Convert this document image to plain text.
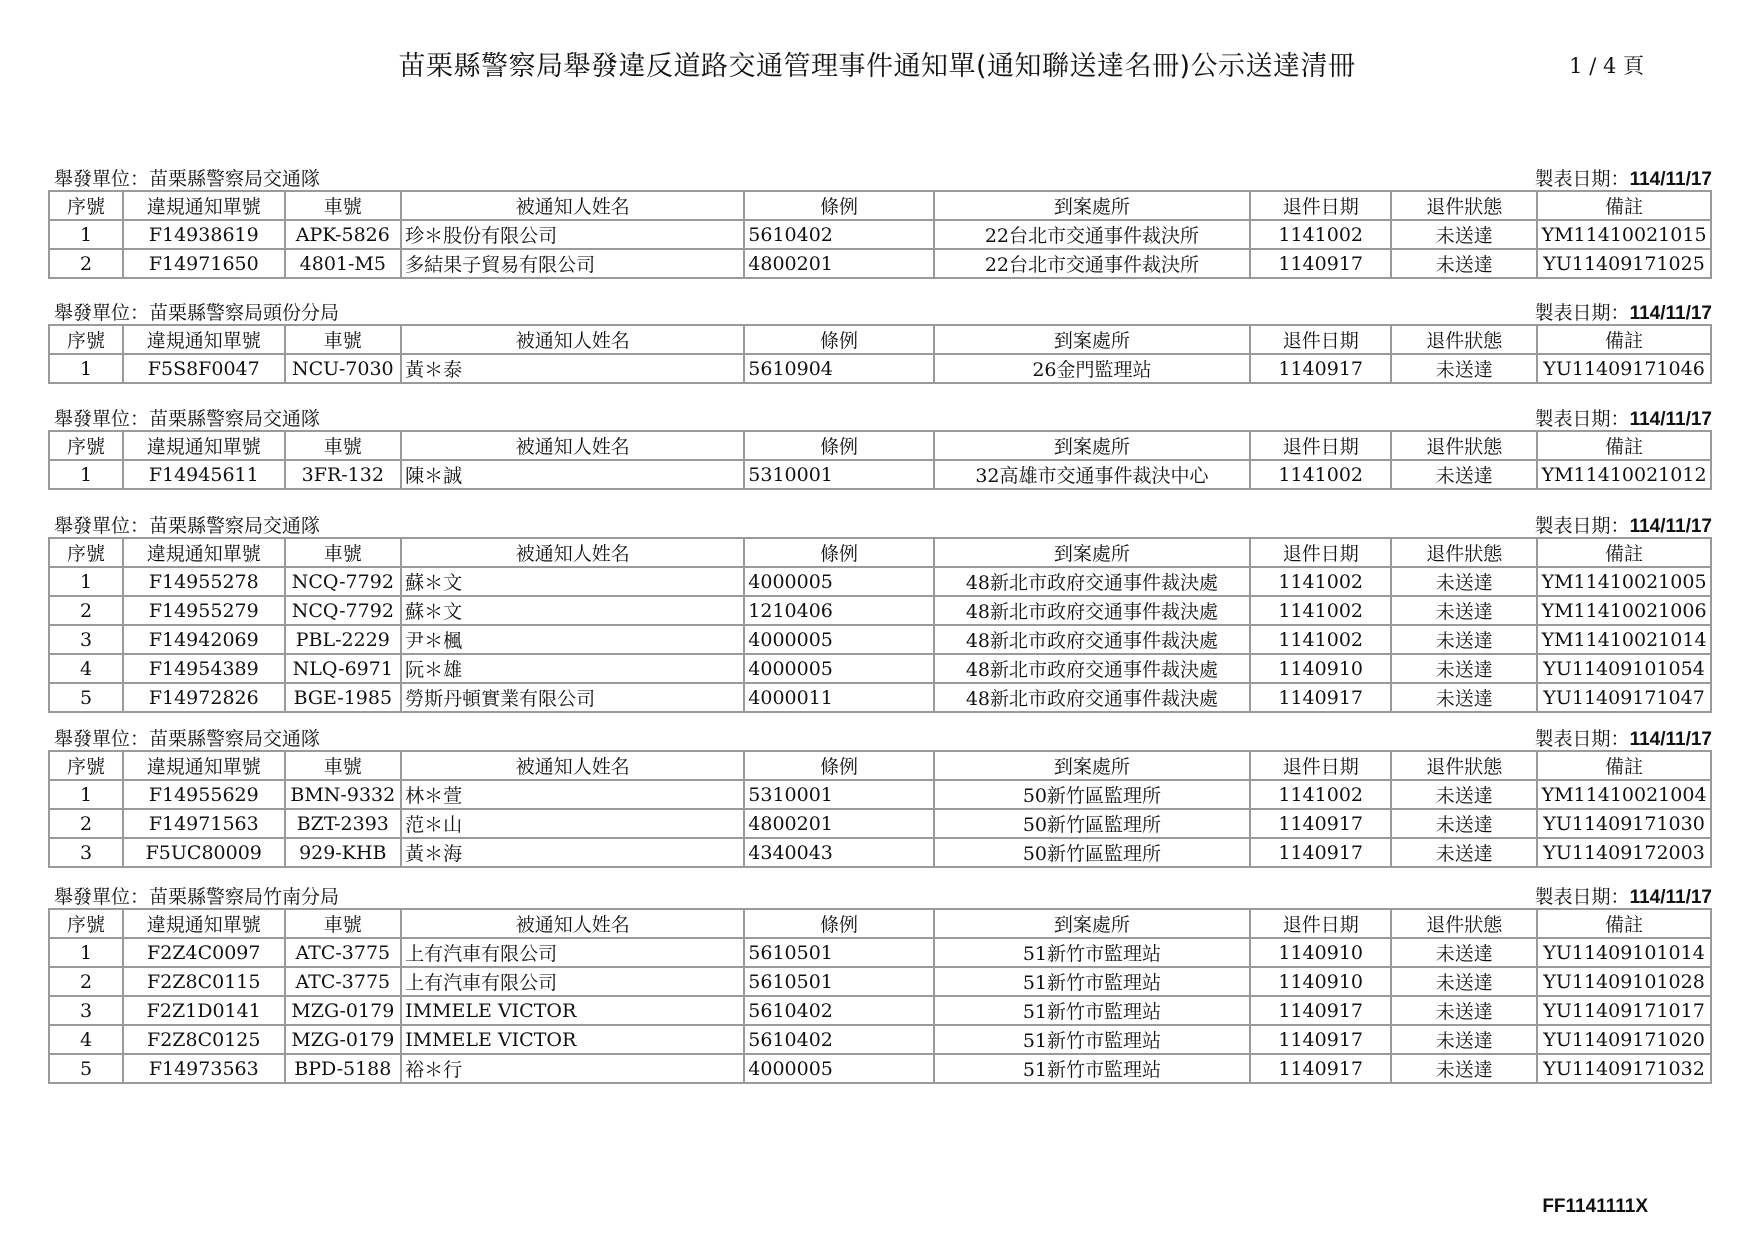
苗栗縣警察局舉發違反道路交通管理事件通知單(通知聯送達名冊)公示送達清冊	1 / 4 頁
舉發單位：苗栗縣警察局交通隊	製表日期：114/11/17
序號	違規通知單號	車號	被通知人姓名	條例	到案處所	退件日期	退件狀態	備註
1	F14938619	APK-5826	珍＊股份有限公司	5610402	22台北市交通事件裁決所	1141002	未送達	YM11410021015
2	F14971650	4801-M5	多結果子貿易有限公司	4800201	22台北市交通事件裁決所	1140917	未送達	YU11409171025
舉發單位：苗栗縣警察局頭份分局	製表日期：114/11/17
序號	違規通知單號	車號	被通知人姓名	條例	到案處所	退件日期	退件狀態	備註
1	F5S8F0047	NCU-7030	黃＊泰	5610904	26金門監理站	1140917	未送達	YU11409171046
舉發單位：苗栗縣警察局交通隊	製表日期：114/11/17
序號	違規通知單號	車號	被通知人姓名	條例	到案處所	退件日期	退件狀態	備註
1	F14945611	3FR-132	陳＊誠	5310001	32高雄市交通事件裁決中心	1141002	未送達	YM11410021012
舉發單位：苗栗縣警察局交通隊	製表日期：114/11/17
序號	違規通知單號	車號	被通知人姓名	條例	到案處所	退件日期	退件狀態	備註
1	F14955278	NCQ-7792	蘇＊文	4000005	48新北市政府交通事件裁決處	1141002	未送達	YM11410021005
2	F14955279	NCQ-7792	蘇＊文	1210406	48新北市政府交通事件裁決處	1141002	未送達	YM11410021006
3	F14942069	PBL-2229	尹＊楓	4000005	48新北市政府交通事件裁決處	1141002	未送達	YM11410021014
4	F14954389	NLQ-6971	阮＊雄	4000005	48新北市政府交通事件裁決處	1140910	未送達	YU11409101054
5	F14972826	BGE-1985	勞斯丹頓實業有限公司	4000011	48新北市政府交通事件裁決處	1140917	未送達	YU11409171047
舉發單位：苗栗縣警察局交通隊	製表日期：114/11/17
序號	違規通知單號	車號	被通知人姓名	條例	到案處所	退件日期	退件狀態	備註
1	F14955629	BMN-9332	林＊萱	5310001	50新竹區監理所	1141002	未送達	YM11410021004
2	F14971563	BZT-2393	范＊山	4800201	50新竹區監理所	1140917	未送達	YU11409171030
3	F5UC80009	929-KHB	黃＊海	4340043	50新竹區監理所	1140917	未送達	YU11409172003
舉發單位：苗栗縣警察局竹南分局	製表日期：114/11/17
序號	違規通知單號	車號	被通知人姓名	條例	到案處所	退件日期	退件狀態	備註
1	F2Z4C0097	ATC-3775	上有汽車有限公司	5610501	51新竹市監理站	1140910	未送達	YU11409101014
2	F2Z8C0115	ATC-3775	上有汽車有限公司	5610501	51新竹市監理站	1140910	未送達	YU11409101028
3	F2Z1D0141	MZG-0179	IMMELE VICTOR	5610402	51新竹市監理站	1140917	未送達	YU11409171017
4	F2Z8C0125	MZG-0179	IMMELE VICTOR	5610402	51新竹市監理站	1140917	未送達	YU11409171020
5	F14973563	BPD-5188	裕＊行	4000005	51新竹市監理站	1140917	未送達	YU11409171032
FF1141111X
